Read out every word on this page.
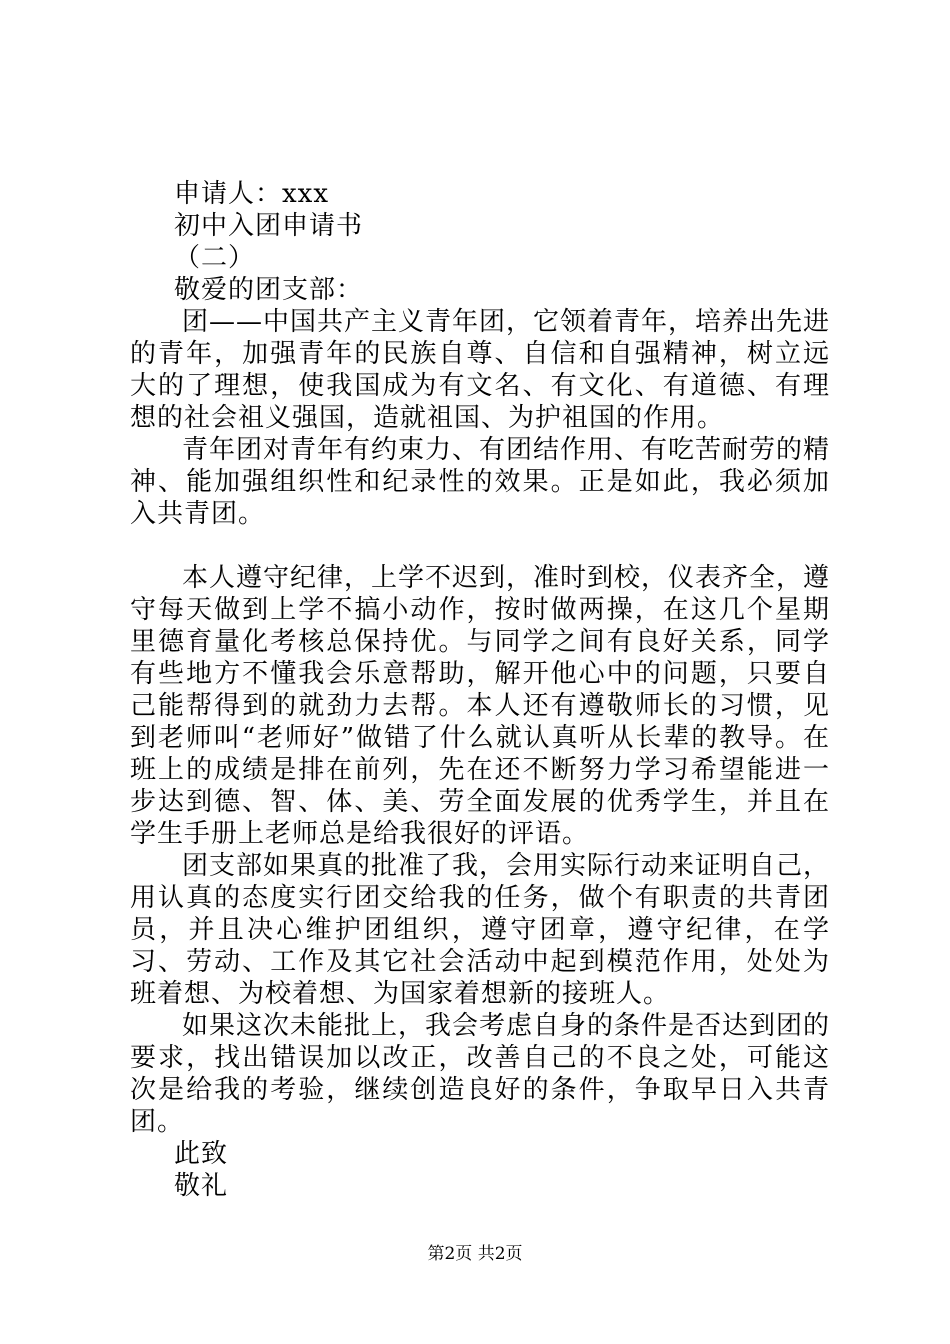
申请人：xxx

初中入团申请书

（二）

敬爱的团支部：

团——中国共产主义青年团，它领着青年，培养出先进的青年，加强青年的民族自尊、自信和自强精神，树立远大的了理想，使我国成为有文名、有文化、有道德、有理想的社会祖义强国，造就祖国、为护祖国的作用。

青年团对青年有约束力、有团结作用、有吃苦耐劳的精神、能加强组织性和纪录性的效果。正是如此，我必须加入共青团。

本人遵守纪律，上学不迟到，准时到校，仪表齐全，遵守每天做到上学不搞小动作，按时做两操，在这几个星期里德育量化考核总保持优。与同学之间有良好关系，同学有些地方不懂我会乐意帮助，解开他心中的问题，只要自己能帮得到的就劲力去帮。本人还有遵敬师长的习惯，见到老师叫“老师好”做错了什么就认真听从长辈的教导。在班上的成绩是排在前列，先在还不断努力学习希望能进一步达到德、智、体、美、劳全面发展的优秀学生，并且在学生手册上老师总是给我很好的评语。

团支部如果真的批准了我，会用实际行动来证明自己，用认真的态度实行团交给我的任务，做个有职责的共青团员，并且决心维护团组织，遵守团章，遵守纪律，在学习、劳动、工作及其它社会活动中起到模范作用，处处为班着想、为校着想、为国家着想新的接班人。

如果这次未能批上，我会考虑自身的条件是否达到团的要求，找出错误加以改正，改善自己的不良之处，可能这次是给我的考验，继续创造良好的条件，争取早日入共青团。

此致

敬礼

第2页 共2页
